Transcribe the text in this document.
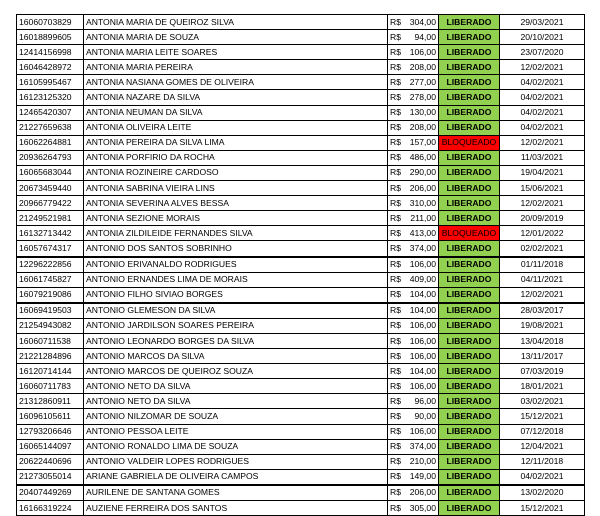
16060703829	ANTONIA MARIA DE QUEIROZ SILVA	R$ 304,00	LIBERADO	29/03/2021
16018899605	ANTONIA MARIA DE SOUZA	R$ 94,00	LIBERADO	20/10/2021
12414156998	ANTONIA MARIA LEITE SOARES	R$ 106,00	LIBERADO	23/07/2020
16046428972	ANTONIA MARIA PEREIRA	R$ 208,00	LIBERADO	12/02/2021
16105995467	ANTONIA NASIANA GOMES DE OLIVEIRA	R$ 277,00	LIBERADO	04/02/2021
16123125320	ANTONIA NAZARE DA SILVA	R$ 278,00	LIBERADO	04/02/2021
12465420307	ANTONIA NEUMAN DA SILVA	R$ 130,00	LIBERADO	04/02/2021
21227659638	ANTONIA OLIVEIRA LEITE	R$ 208,00	LIBERADO	04/02/2021
16062264881	ANTONIA PEREIRA DA SILVA LIMA	R$ 157,00	BLOQUEADO	12/02/2021
20936264793	ANTONIA PORFIRIO DA ROCHA	R$ 486,00	LIBERADO	11/03/2021
16065683044	ANTONIA ROZINEIRE CARDOSO	R$ 290,00	LIBERADO	19/04/2021
20673459440	ANTONIA SABRINA VIEIRA LINS	R$ 206,00	LIBERADO	15/06/2021
20966779422	ANTONIA SEVERINA ALVES BESSA	R$ 310,00	LIBERADO	12/02/2021
21249521981	ANTONIA SEZIONE MORAIS	R$ 211,00	LIBERADO	20/09/2019
16132713442	ANTONIA ZILDILEIDE FERNANDES SILVA	R$ 413,00	BLOQUEADO	12/01/2022
16057674317	ANTONIO DOS SANTOS SOBRINHO	R$ 374,00	LIBERADO	02/02/2021
12296222856	ANTONIO ERIVANALDO RODRIGUES	R$ 106,00	LIBERADO	01/11/2018
16061745827	ANTONIO ERNANDES LIMA DE MORAIS	R$ 409,00	LIBERADO	04/11/2021
16079219086	ANTONIO FILHO SIVIAO BORGES	R$ 104,00	LIBERADO	12/02/2021
16069419503	ANTONIO GLEMESON DA SILVA	R$ 104,00	LIBERADO	28/03/2017
21254943082	ANTONIO JARDILSON SOARES PEREIRA	R$ 106,00	LIBERADO	19/08/2021
16060711538	ANTONIO LEONARDO BORGES DA SILVA	R$ 106,00	LIBERADO	13/04/2018
21221284896	ANTONIO MARCOS DA SILVA	R$ 106,00	LIBERADO	13/11/2017
16120714144	ANTONIO MARCOS DE QUEIROZ SOUZA	R$ 104,00	LIBERADO	07/03/2019
16060711783	ANTONIO NETO DA SILVA	R$ 106,00	LIBERADO	18/01/2021
21312860911	ANTONIO NETO DA SILVA	R$ 96,00	LIBERADO	03/02/2021
16096105611	ANTONIO NILZOMAR DE SOUZA	R$ 90,00	LIBERADO	15/12/2021
12793206646	ANTONIO PESSOA LEITE	R$ 106,00	LIBERADO	07/12/2018
16065144097	ANTONIO RONALDO LIMA DE SOUZA	R$ 374,00	LIBERADO	12/04/2021
20622440696	ANTONIO VALDEIR LOPES RODRIGUES	R$ 210,00	LIBERADO	12/11/2018
21273055014	ARIANE GABRIELA DE OLIVEIRA CAMPOS	R$ 149,00	LIBERADO	04/02/2021
20407449269	AURILENE DE SANTANA GOMES	R$ 206,00	LIBERADO	13/02/2020
16166319224	AUZIENE FERREIRA DOS SANTOS	R$ 305,00	LIBERADO	15/12/2021
